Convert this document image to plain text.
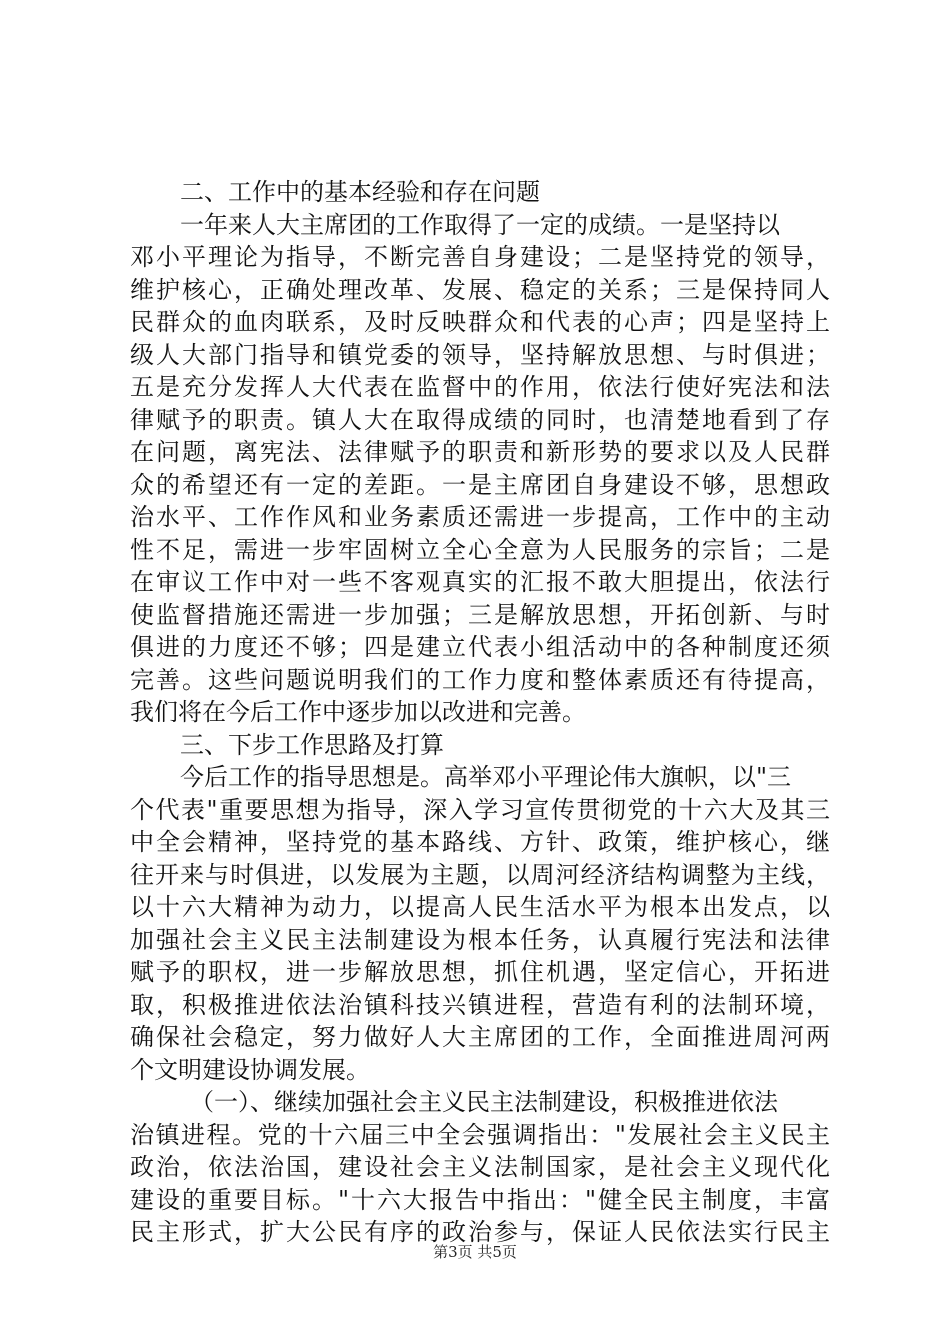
二、工作中的基本经验和存在问题
一年来人大主席团的工作取得了一定的成绩。一是坚持以
邓小平理论为指导，不断完善自身建设；二是坚持党的领导，
维护核心，正确处理改革、发展、稳定的关系；三是保持同人
民群众的血肉联系，及时反映群众和代表的心声；四是坚持上
级人大部门指导和镇党委的领导，坚持解放思想、与时俱进；
五是充分发挥人大代表在监督中的作用，依法行使好宪法和法
律赋予的职责。镇人大在取得成绩的同时，也清楚地看到了存
在问题，离宪法、法律赋予的职责和新形势的要求以及人民群
众的希望还有一定的差距。一是主席团自身建设不够，思想政
治水平、工作作风和业务素质还需进一步提高，工作中的主动
性不足，需进一步牢固树立全心全意为人民服务的宗旨；二是
在审议工作中对一些不客观真实的汇报不敢大胆提出，依法行
使监督措施还需进一步加强；三是解放思想，开拓创新、与时
俱进的力度还不够；四是建立代表小组活动中的各种制度还须
完善。这些问题说明我们的工作力度和整体素质还有待提高，
我们将在今后工作中逐步加以改进和完善。
三、下步工作思路及打算
今后工作的指导思想是。高举邓小平理论伟大旗帜，以"三
个代表"重要思想为指导，深入学习宣传贯彻党的十六大及其三
中全会精神，坚持党的基本路线、方针、政策，维护核心，继
往开来与时俱进，以发展为主题，以周河经济结构调整为主线，
以十六大精神为动力，以提高人民生活水平为根本出发点，以
加强社会主义民主法制建设为根本任务，认真履行宪法和法律
赋予的职权，进一步解放思想，抓住机遇，坚定信心，开拓进
取，积极推进依法治镇科技兴镇进程，营造有利的法制环境，
确保社会稳定，努力做好人大主席团的工作，全面推进周河两
个文明建设协调发展。
（一）、继续加强社会主义民主法制建设，积极推进依法
治镇进程。党的十六届三中全会强调指出："发展社会主义民主
政治，依法治国，建设社会主义法制国家，是社会主义现代化
建设的重要目标。"十六大报告中指出："健全民主制度，丰富
民主形式，扩大公民有序的政治参与，保证人民依法实行民主
第3页 共5页
